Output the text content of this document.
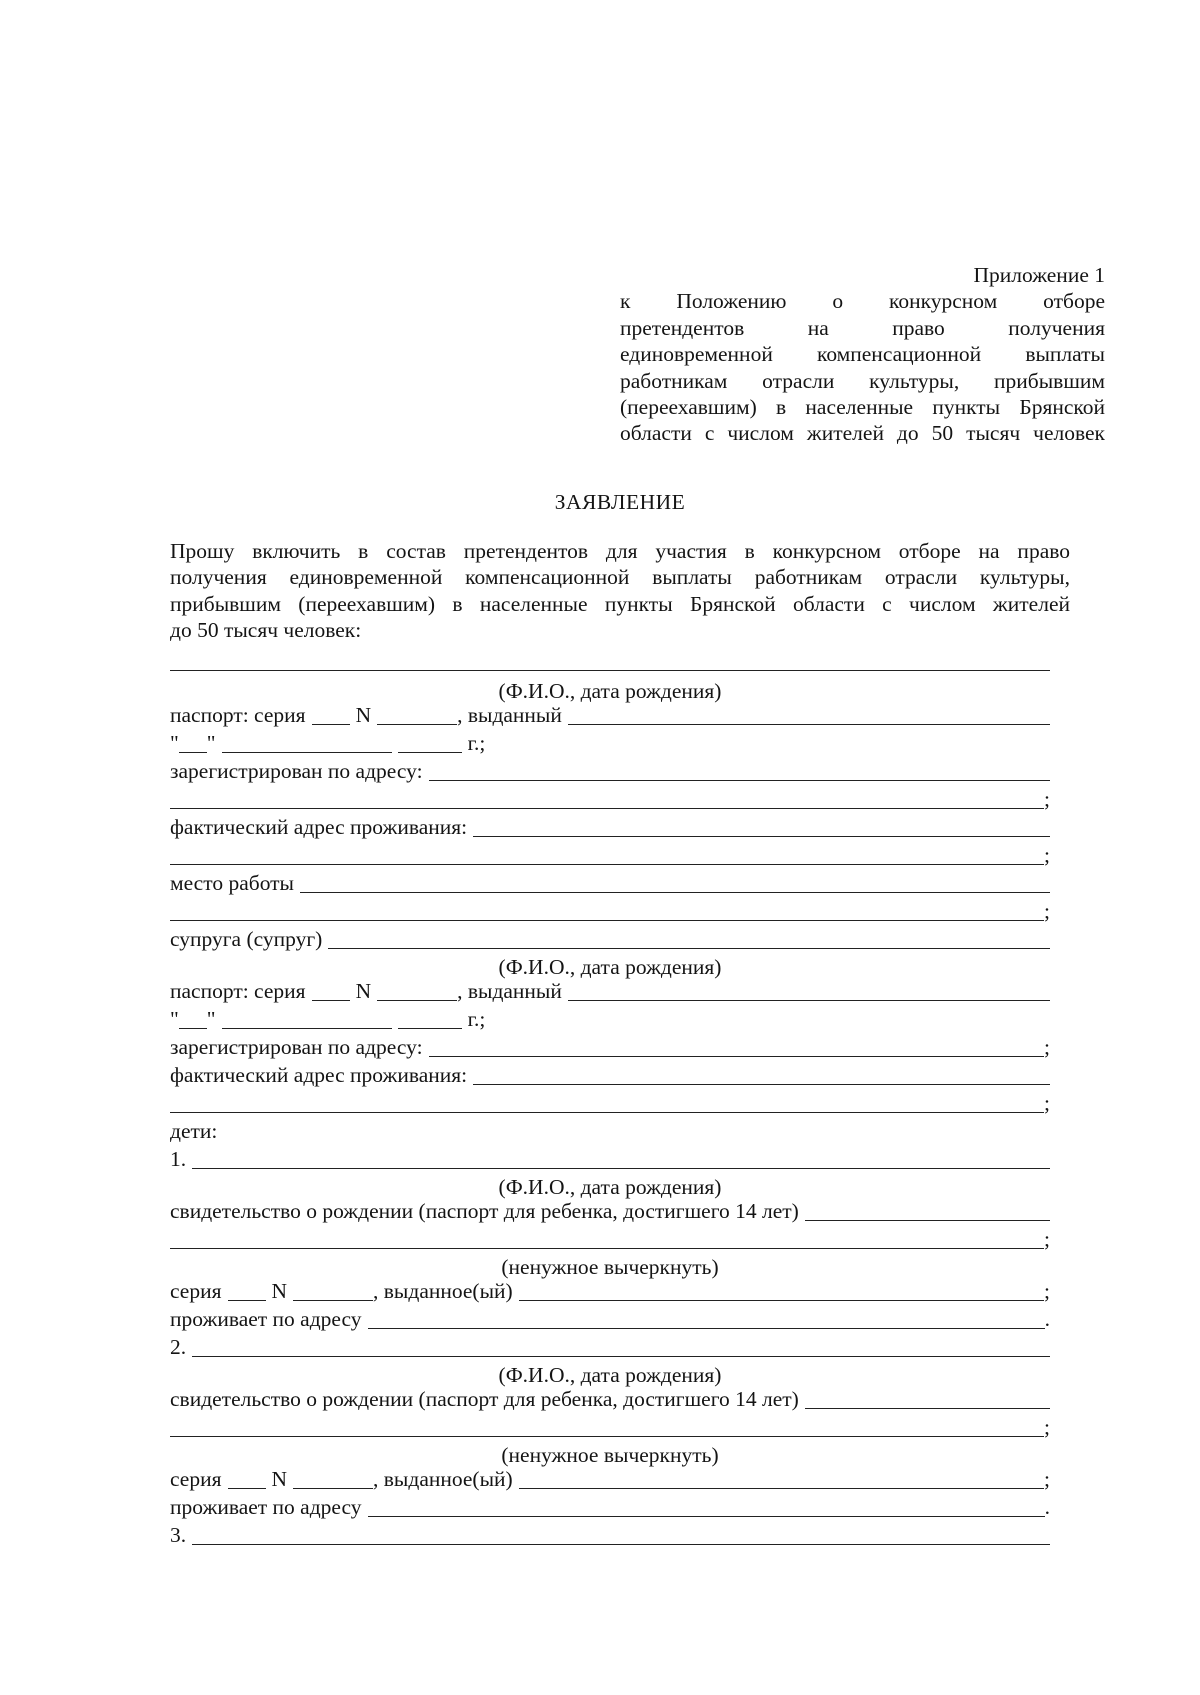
Приложение 1
к Положению о конкурсном отборе
претендентов на право получения
единовременной компенсационной выплаты
работникам отрасли культуры, прибывшим
(переехавшим) в населенные пункты Брянской
области с числом жителей до 50 тысяч человек
ЗАЯВЛЕНИЕ
Прошу включить в состав претендентов для участия в конкурсном отборе на право
получения единовременной компенсационной выплаты работникам отрасли культуры,
прибывшим (переехавшим) в населенные пункты Брянской области с числом жителей
до 50 тысяч человек:
(Ф.И.О., дата рождения)
паспорт: серия N	, выданный
" "	г.;
зарегистрирован по адресу:
;
фактический адрес проживания:
;
место работы
;
супруга (супруг)
(Ф.И.О., дата рождения)
паспорт: серия N	, выданный
" "	г.;
зарегистрирован по адресу:	;
фактический адрес проживания:
;
дети:
1.
(Ф.И.О., дата рождения)
свидетельство о рождении (паспорт для ребенка, достигшего 14 лет)
;
(ненужное вычеркнуть)
серия N	, выданное(ый)	;
проживает по адресу	.
2.
(Ф.И.О., дата рождения)
свидетельство о рождении (паспорт для ребенка, достигшего 14 лет)
;
(ненужное вычеркнуть)
серия N	, выданное(ый)	;
проживает по адресу	.
3.
